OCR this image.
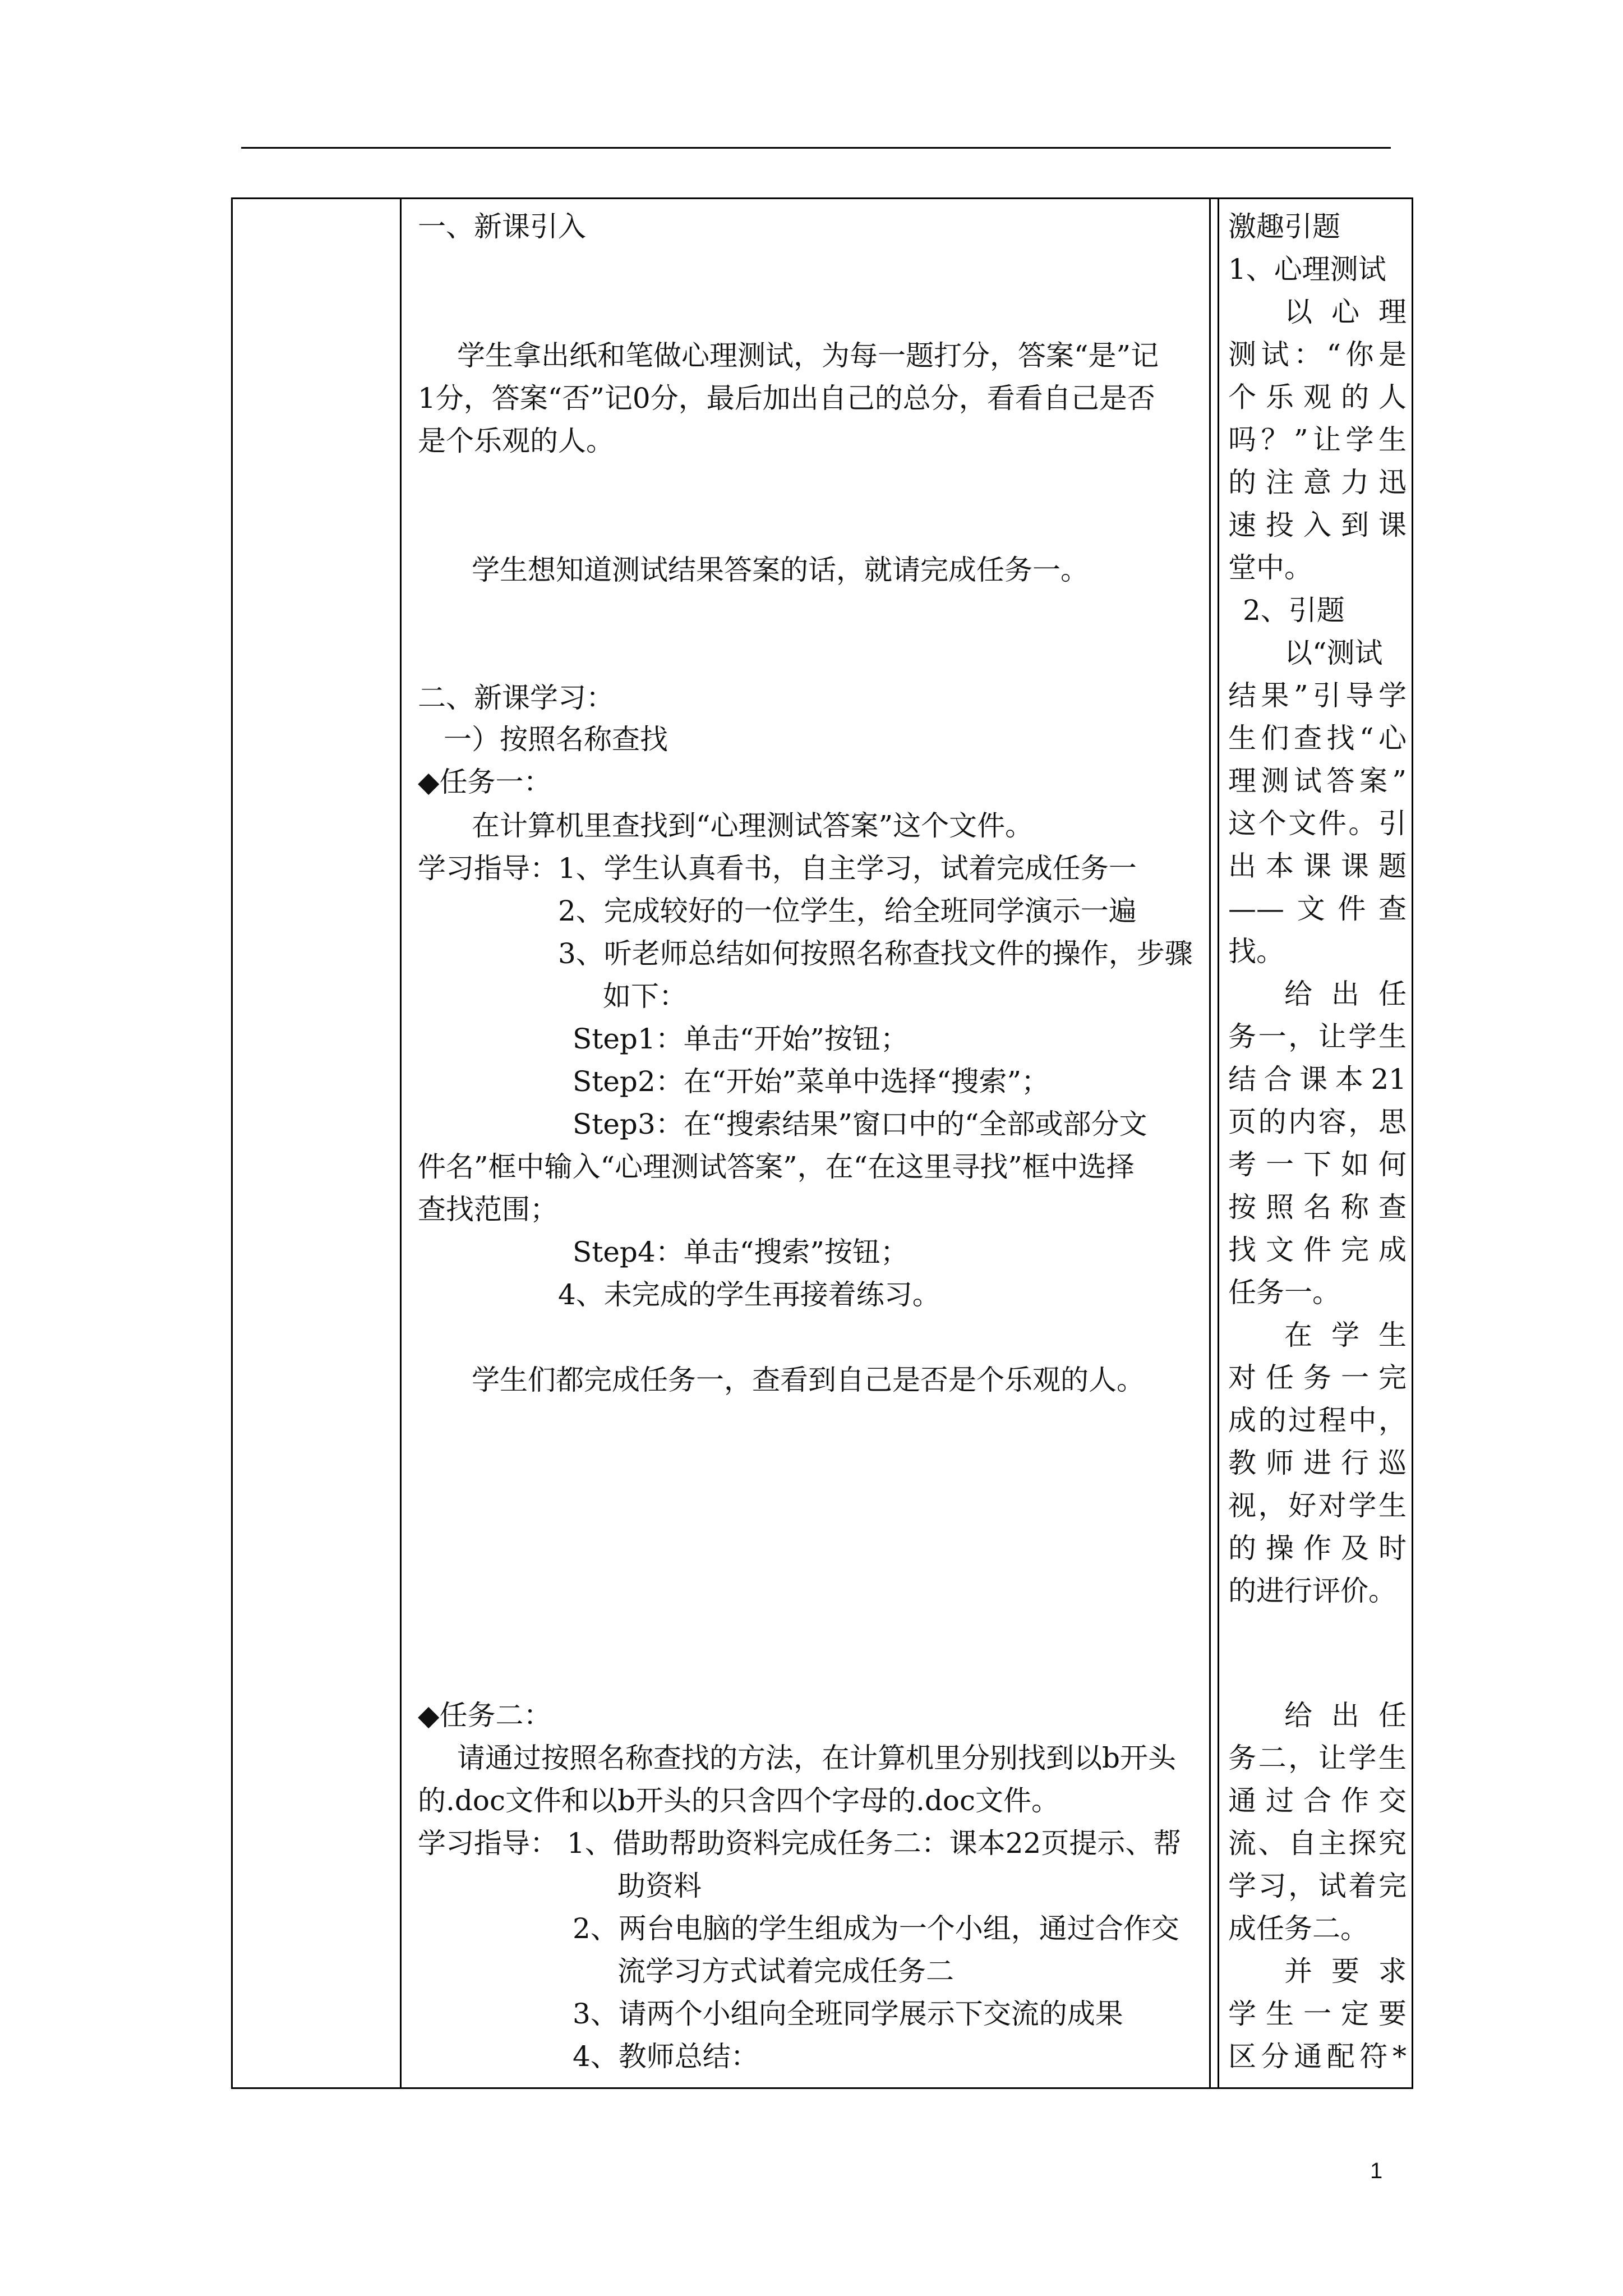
一、新课引入
学生拿出纸和笔做心理测试，为每一题打分，答案“是”记
1分，答案“否”记0分，最后加出自己的总分，看看自己是否
是个乐观的人。
学生想知道测试结果答案的话，就请完成任务一。
二、新课学习：
一）按照名称查找
◆任务一：
在计算机里查找到“心理测试答案”这个文件。
学习指导：1、学生认真看书，自主学习，试着完成任务一
2、完成较好的一位学生，给全班同学演示一遍
3、听老师总结如何按照名称查找文件的操作，步骤
如下：
Step1：单击“开始”按钮；
Step2：在“开始”菜单中选择“搜索”；
Step3：在“搜索结果”窗口中的“全部或部分文
件名”框中输入“心理测试答案”，在“在这里寻找”框中选择
查找范围；
Step4：单击“搜索”按钮；
4、未完成的学生再接着练习。
学生们都完成任务一，查看到自己是否是个乐观的人。
◆任务二：
请通过按照名称查找的方法，在计算机里分别找到以b开头
的.doc文件和以b开头的只含四个字母的.doc文件。
学习指导： 1、借助帮助资料完成任务二：课本22页提示、帮
助资料
2、两台电脑的学生组成为一个小组，通过合作交
流学习方式试着完成任务二
3、请两个小组向全班同学展示下交流的成果
4、教师总结：
激趣引题
1、心理测试
以心理
测试：“你是
个乐观的人
吗？”让学生
的注意力迅
速投入到课
堂中。
2、引题
以“测试
结果”引导学
生们查找“心
理测试答案”
这个文件。引
出本课课题
——文件查
找。
给出任
务一，让学生
结合课本21
页的内容，思
考一下如何
按照名称查
找文件完成
任务一。
在学生
对任务一完
成的过程中，
教师进行巡
视，好对学生
的操作及时
的进行评价。
给出任
务二，让学生
通过合作交
流、自主探究
学习，试着完
成任务二。
并要求
学生一定要
区分通配符*
1
